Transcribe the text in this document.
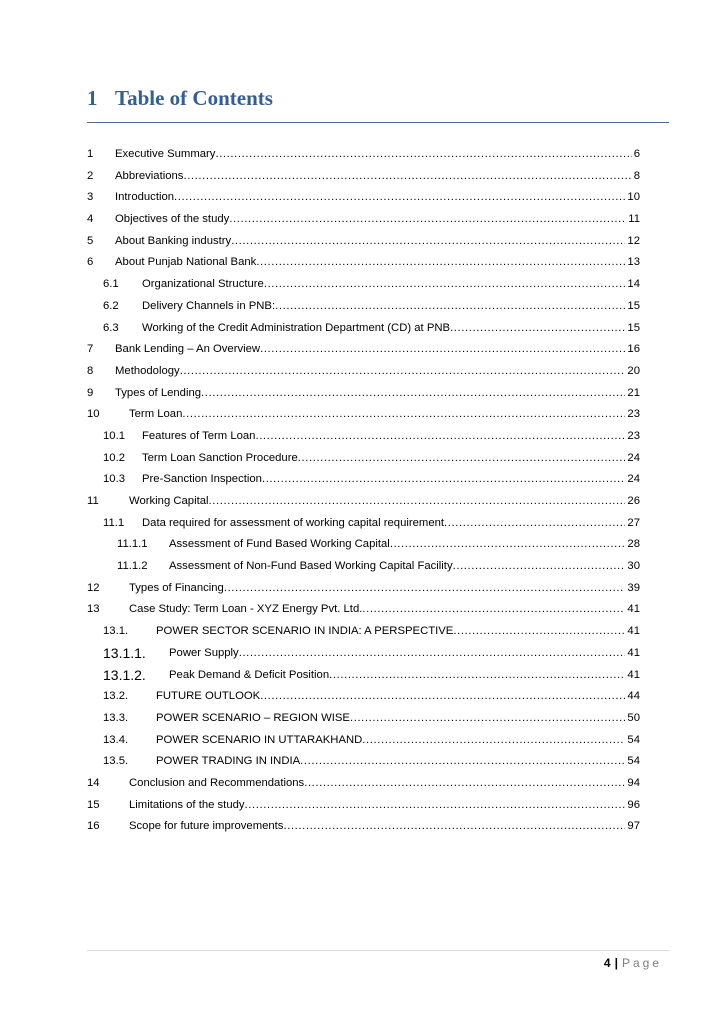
1 Table of Contents
1 Executive Summary .....	6
2 Abbreviations .....	8
3 Introduction .....	10
4 Objectives of the study .....	11
5 About Banking industry .....	12
6 About Punjab National Bank .....	13
6.1 Organizational Structure .....	14
6.2 Delivery Channels in PNB: .....	15
6.3 Working of the Credit Administration Department (CD) at PNB .....	15
7 Bank Lending – An Overview .....	16
8 Methodology .....	20
9 Types of Lending .....	21
10	Term Loan .....	23
10.1 Features of Term Loan .....	23
10.2 Term Loan Sanction Procedure .....	24
10.3 Pre-Sanction Inspection .....	24
11	Working Capital .....	26
11.1 Data required for assessment of working capital requirement .....	27
11.1.1 Assessment of Fund Based Working Capital .....	28
11.1.2 Assessment of Non-Fund Based Working Capital Facility .....	30
12	Types of Financing .....	39
13	Case Study: Term Loan - XYZ Energy Pvt. Ltd. .....	41
13.1. POWER SECTOR SCENARIO IN INDIA: A PERSPECTIVE .....	41
13.1.1. Power Supply .....	41
13.1.2. Peak Demand & Deficit Position .....	41
13.2. FUTURE OUTLOOK .....	44
13.3. POWER SCENARIO – REGION WISE .....	50
13.4. POWER SCENARIO IN UTTARAKHAND .....	54
13.5. POWER TRADING IN INDIA .....	54
14	Conclusion and Recommendations .....	94
15	Limitations of the study .....	96
16	Scope for future improvements .....	97
4 | Page
